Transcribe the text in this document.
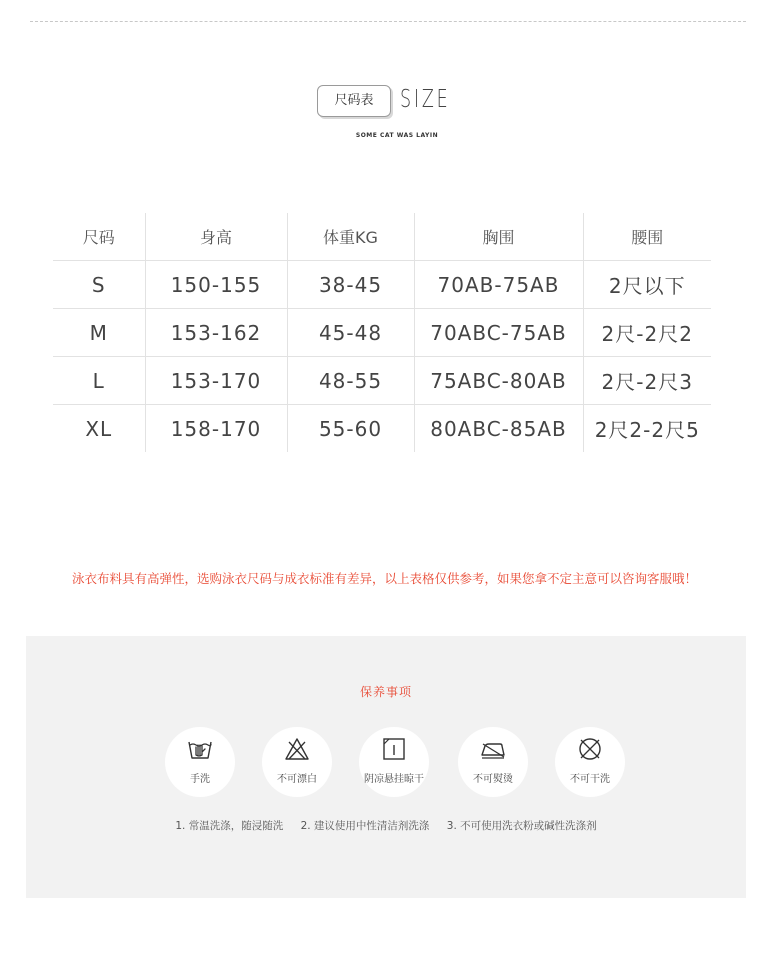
尺码表	SIZE
SOME CAT WAS LAYIN
尺码	身高	体重KG	胸围	腰围
S	150-155	38-45	70AB-75AB	2尺以下
M	153-162	45-48	70ABC-75AB	2尺-2尺2
L	153-170	48-55	75ABC-80AB	2尺-2尺3
XL	158-170	55-60	80ABC-85AB	2尺2-2尺5
泳衣布料具有高弹性，选购泳衣尺码与成衣标准有差异，以上表格仅供参考，如果您拿不定主意可以咨询客服哦！
保养事项
手洗	不可漂白	阴凉悬挂晾干	不可熨烫	不可干洗
1. 常温洗涤，随浸随洗 2. 建议使用中性清洁剂洗涤 3. 不可使用洗衣粉或碱性洗涤剂
